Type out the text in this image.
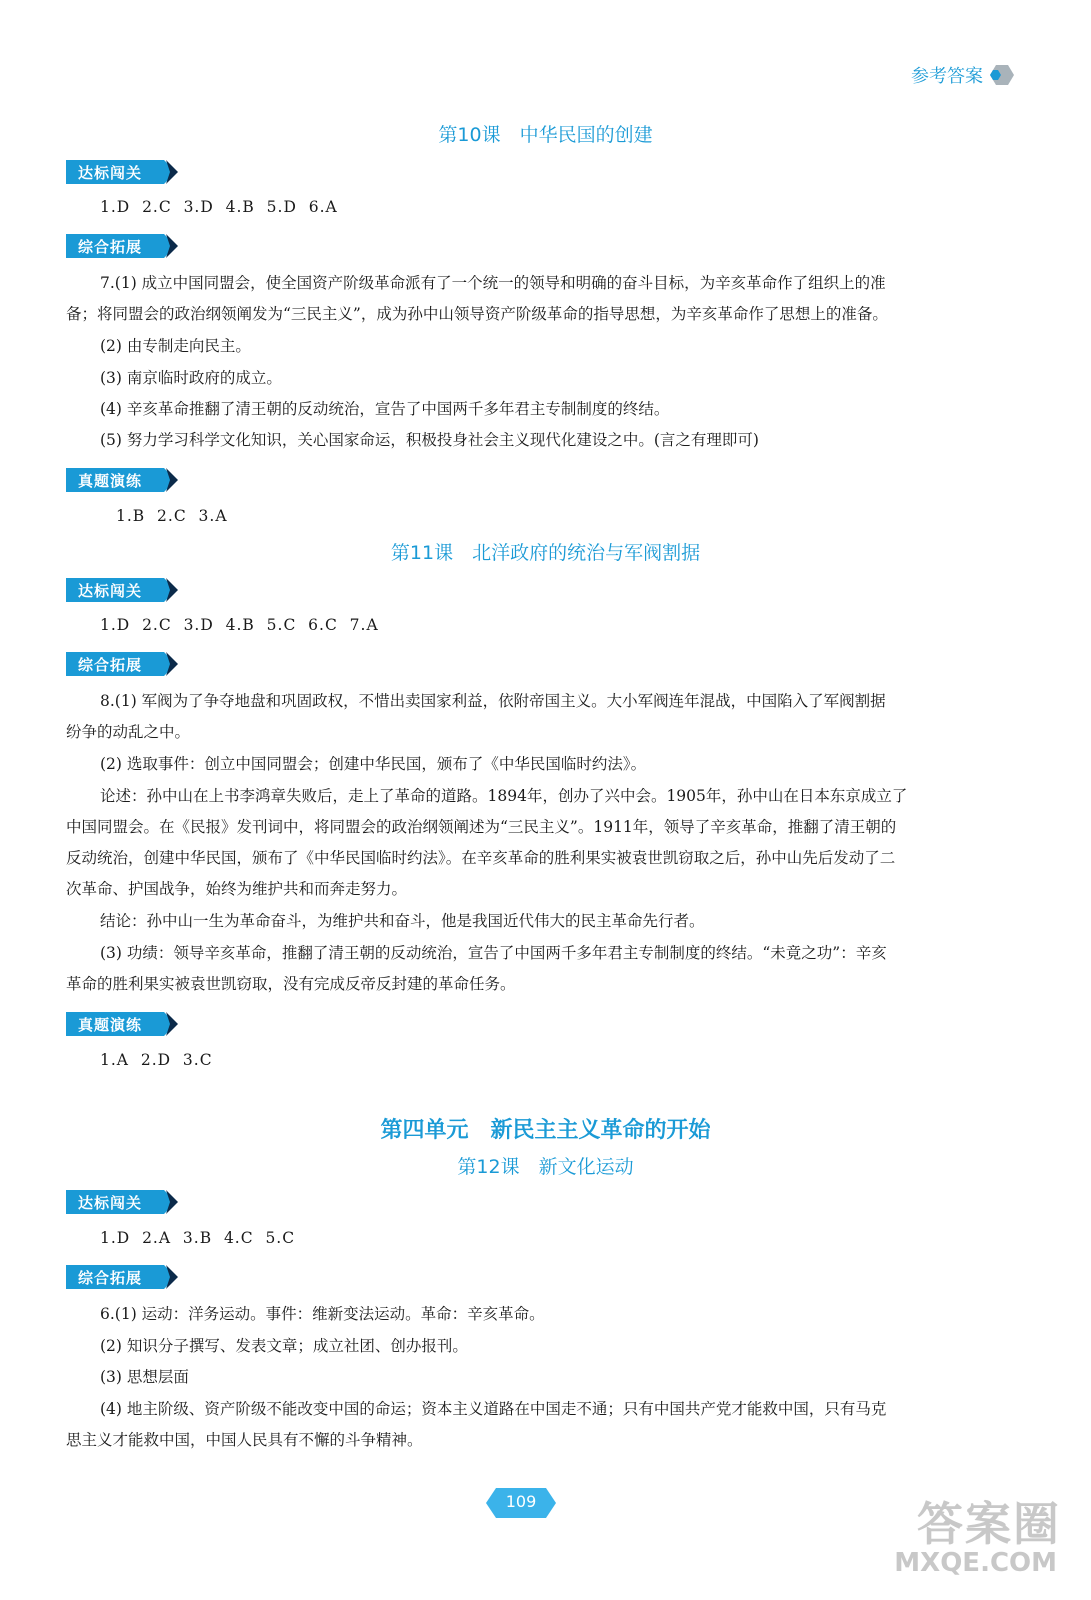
参考答案
第10课　中华民国的创建
达标闯关
1.D  2.C  3.D  4.B  5.D  6.A
综合拓展
7.(1) 成立中国同盟会，使全国资产阶级革命派有了一个统一的领导和明确的奋斗目标，为辛亥革命作了组织上的准
备；将同盟会的政治纲领阐发为“三民主义”，成为孙中山领导资产阶级革命的指导思想，为辛亥革命作了思想上的准备。
(2) 由专制走向民主。
(3) 南京临时政府的成立。
(4) 辛亥革命推翻了清王朝的反动统治，宣告了中国两千多年君主专制制度的终结。
(5) 努力学习科学文化知识，关心国家命运，积极投身社会主义现代化建设之中。(言之有理即可)
真题演练
1.B  2.C  3.A
第11课　北洋政府的统治与军阀割据
达标闯关
1.D  2.C  3.D  4.B  5.C  6.C  7.A
综合拓展
8.(1) 军阀为了争夺地盘和巩固政权，不惜出卖国家利益，依附帝国主义。大小军阀连年混战，中国陷入了军阀割据
纷争的动乱之中。
(2) 选取事件：创立中国同盟会；创建中华民国，颁布了《中华民国临时约法》。
论述：孙中山在上书李鸿章失败后，走上了革命的道路。1894年，创办了兴中会。1905年，孙中山在日本东京成立了
中国同盟会。在《民报》发刊词中，将同盟会的政治纲领阐述为“三民主义”。1911年，领导了辛亥革命，推翻了清王朝的
反动统治，创建中华民国，颁布了《中华民国临时约法》。在辛亥革命的胜利果实被袁世凯窃取之后，孙中山先后发动了二
次革命、护国战争，始终为维护共和而奔走努力。
结论：孙中山一生为革命奋斗，为维护共和奋斗，他是我国近代伟大的民主革命先行者。
(3) 功绩：领导辛亥革命，推翻了清王朝的反动统治，宣告了中国两千多年君主专制制度的终结。“未竟之功”：辛亥
革命的胜利果实被袁世凯窃取，没有完成反帝反封建的革命任务。
真题演练
1.A  2.D  3.C
第四单元　新民主主义革命的开始
第12课　新文化运动
达标闯关
1.D  2.A  3.B  4.C  5.C
综合拓展
6.(1) 运动：洋务运动。事件：维新变法运动。革命：辛亥革命。
(2) 知识分子撰写、发表文章；成立社团、创办报刊。
(3) 思想层面
(4) 地主阶级、资产阶级不能改变中国的命运；资本主义道路在中国走不通；只有中国共产党才能救中国，只有马克
思主义才能救中国，中国人民具有不懈的斗争精神。
109	答案圈
MXQE.COM
